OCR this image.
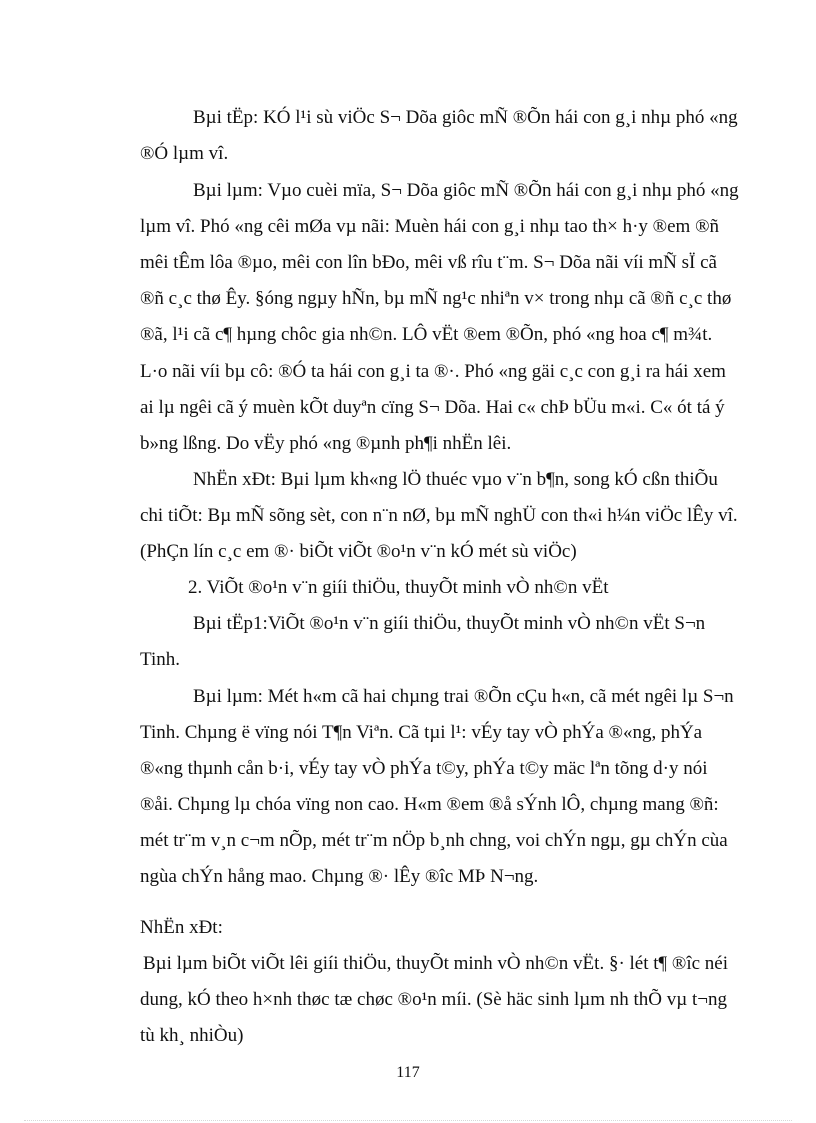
Bµi tËp: KÓ l¹i sù viÖc S¬ Dõa giôc mÑ ®Õn hái con g¸i nhµ phó «ng
®Ó lµm vî.
Bµi lµm: Vµo cuèi mïa, S¬ Dõa giôc mÑ ®Õn hái con g¸i nhµ phó «ng
lµm vî. Phó «ng cêi mØa vµ nãi: Muèn hái con g¸i nhµ tao th× h·y ®em ®ñ
mêi tÊm lôa ®µo, mêi con lîn bÐo, mêi vß rîu t¨m. S¬ Dõa nãi víi mÑ sÏ cã
®ñ c¸c thø Êy. §óng ngµy hÑn, bµ mÑ ng¹c nhiªn v× trong nhµ cã ®ñ c¸c thø
®ã, l¹i cã c¶ hµng chôc gia nh©n. LÔ vËt ®em ®Õn, phó «ng hoa c¶ m¾t.
L·o nãi víi bµ cô: ®Ó ta hái con g¸i ta ®·. Phó «ng gäi c¸c con g¸i ra hái xem
ai lµ ngêi cã ý muèn kÕt duyªn cïng S¬ Dõa. Hai c« chÞ bÜu m«i. C« ót tá ý
b»ng lßng. Do vËy phó «ng ®µnh ph¶i nhËn lêi.
NhËn xÐt: Bµi lµm kh«ng lÖ thuéc vµo v¨n b¶n, song kÓ cßn thiÕu
chi tiÕt: Bµ mÑ sõng sèt, con n¨n nØ, bµ mÑ nghÜ con th«i h¼n viÖc lÊy vî.
(PhÇn lín c¸c em ®· biÕt viÕt ®o¹n v¨n kÓ mét sù viÖc)
2. ViÕt ®o¹n v¨n giíi thiÖu, thuyÕt minh vÒ nh©n vËt
Bµi tËp1:ViÕt ®o¹n v¨n giíi thiÖu, thuyÕt minh vÒ nh©n vËt S¬n
Tinh.
Bµi lµm: Mét h«m cã hai chµng trai ®Õn cÇu h«n, cã mét ngêi lµ S¬n
Tinh. Chµng ë vïng nói T¶n Viªn. Cã tµi l¹: vÉy tay vÒ phÝa ®«ng, phÝa
®«ng thµnh cån b·i, vÉy tay vÒ phÝa t©y, phÝa t©y mäc lªn tõng d·y nói
®åi. Chµng lµ chóa vïng non cao. H«m ®em ®å sÝnh lÔ, chµng mang ®ñ:
mét tr¨m v¸n c¬m nÕp, mét tr¨m nÖp b¸nh chng, voi chÝn ngµ, gµ chÝn cùa
ngùa chÝn hång mao. Chµng ®· lÊy ®îc MÞ N¬ng.
NhËn xÐt:
Bµi lµm biÕt viÕt lêi giíi thiÖu, thuyÕt minh vÒ nh©n vËt. §· lét t¶ ®îc néi
dung, kÓ theo h×nh thøc tæ chøc ®o¹n míi. (Sè häc sinh lµm nh thÕ vµ t¬ng
tù kh¸ nhiÒu)
117
